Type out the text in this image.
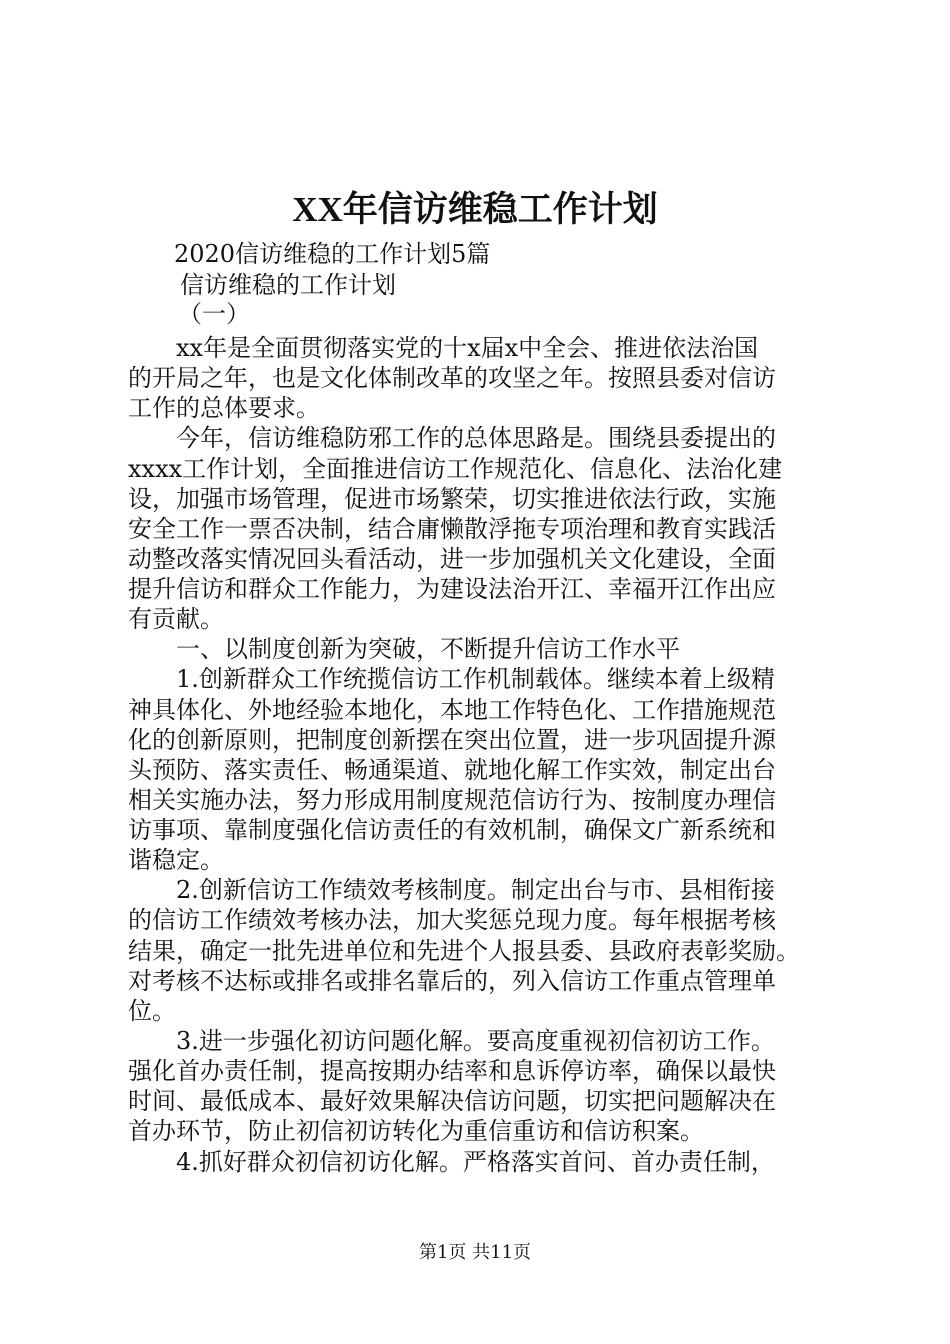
XX年信访维稳工作计划
2020信访维稳的工作计划5篇
信访维稳的工作计划
（一）
　　xx年是全面贯彻落实党的十x届x中全会、推进依法治国
的开局之年，也是文化体制改革的攻坚之年。按照县委对信访
工作的总体要求。
　　今年，信访维稳防邪工作的总体思路是。围绕县委提出的
xxxx工作计划，全面推进信访工作规范化、信息化、法治化建
设，加强市场管理，促进市场繁荣，切实推进依法行政，实施
安全工作一票否决制，结合庸懒散浮拖专项治理和教育实践活
动整改落实情况回头看活动，进一步加强机关文化建设，全面
提升信访和群众工作能力，为建设法治开江、幸福开江作出应
有贡献。
　　一、以制度创新为突破，不断提升信访工作水平
　　1.创新群众工作统揽信访工作机制载体。继续本着上级精
神具体化、外地经验本地化，本地工作特色化、工作措施规范
化的创新原则，把制度创新摆在突出位置，进一步巩固提升源
头预防、落实责任、畅通渠道、就地化解工作实效，制定出台
相关实施办法，努力形成用制度规范信访行为、按制度办理信
访事项、靠制度强化信访责任的有效机制，确保文广新系统和
谐稳定。
　　2.创新信访工作绩效考核制度。制定出台与市、县相衔接
的信访工作绩效考核办法，加大奖惩兑现力度。每年根据考核
结果，确定一批先进单位和先进个人报县委、县政府表彰奖励。
对考核不达标或排名或排名靠后的，列入信访工作重点管理单
位。
　　3.进一步强化初访问题化解。要高度重视初信初访工作。
强化首办责任制，提高按期办结率和息诉停访率，确保以最快
时间、最低成本、最好效果解决信访问题，切实把问题解决在
首办环节，防止初信初访转化为重信重访和信访积案。
　　4.抓好群众初信初访化解。严格落实首问、首办责任制，
第1页 共11页
